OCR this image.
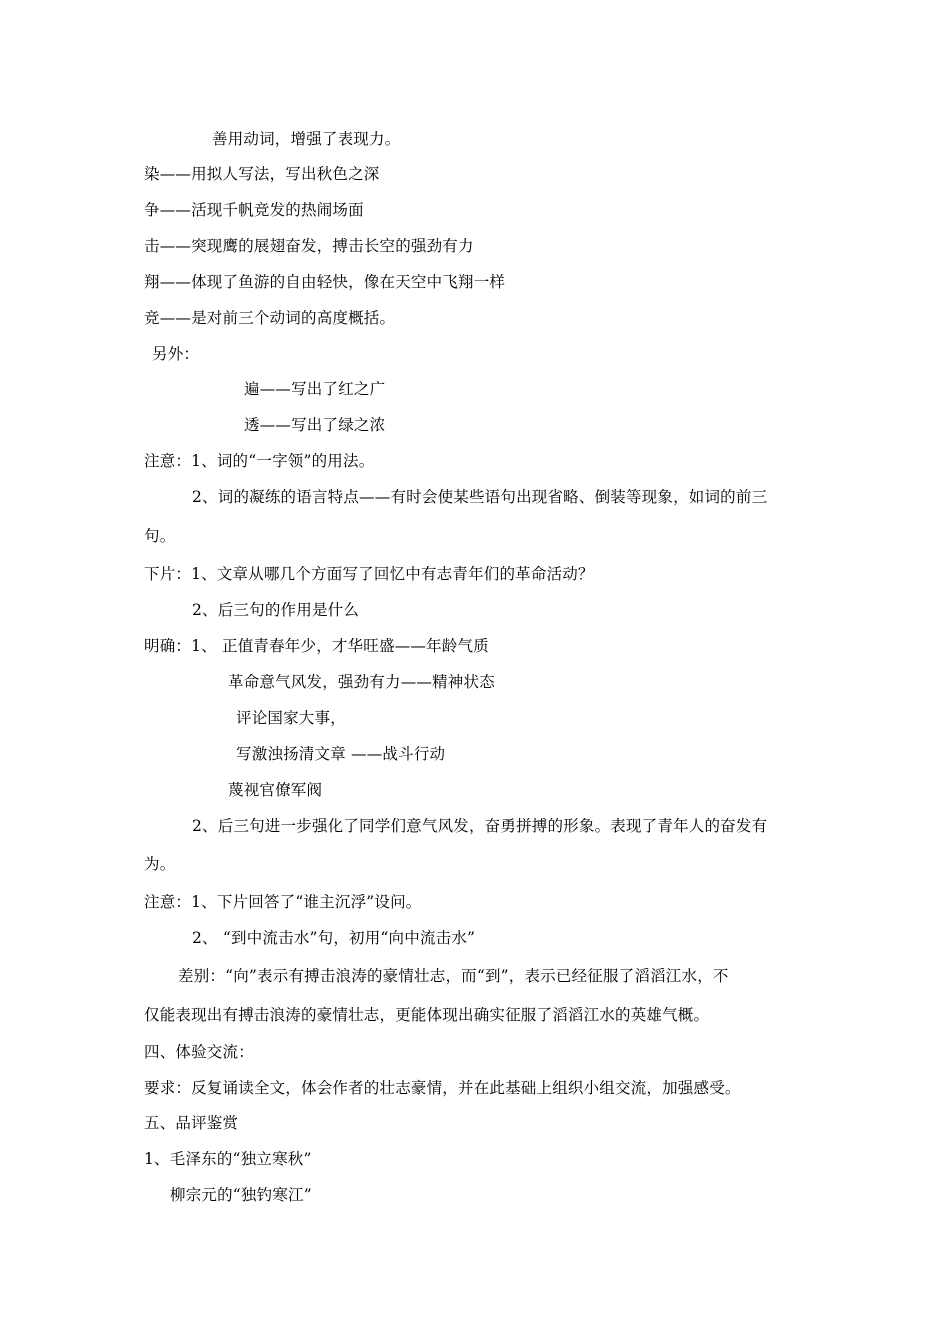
善用动词，增强了表现力。
染——用拟人写法，写出秋色之深
争——活现千帆竞发的热闹场面
击——突现鹰的展翅奋发，搏击长空的强劲有力
翔——体现了鱼游的自由轻快，像在天空中飞翔一样
竞——是对前三个动词的高度概括。
另外：
遍——写出了红之广
透——写出了绿之浓
注意：1、词的“一字领”的用法。
2、词的凝练的语言特点——有时会使某些语句出现省略、倒装等现象，如词的前三
句。
下片：1、文章从哪几个方面写了回忆中有志青年们的革命活动？
2、后三句的作用是什么
明确：1、 正值青春年少，才华旺盛——年龄气质
革命意气风发，强劲有力——精神状态
评论国家大事，
写激浊扬清文章 ——战斗行动
蔑视官僚军阀
2、后三句进一步强化了同学们意气风发，奋勇拼搏的形象。表现了青年人的奋发有
为。
注意：1、下片回答了“谁主沉浮”设问。
2、 “到中流击水”句，初用“向中流击水”
差别：“向”表示有搏击浪涛的豪情壮志，而“到”，表示已经征服了滔滔江水，不
仅能表现出有搏击浪涛的豪情壮志，更能体现出确实征服了滔滔江水的英雄气概。
四、体验交流：
要求：反复诵读全文，体会作者的壮志豪情，并在此基础上组织小组交流，加强感受。
五、品评鉴赏
1、毛泽东的“独立寒秋”
柳宗元的“独钓寒江”
